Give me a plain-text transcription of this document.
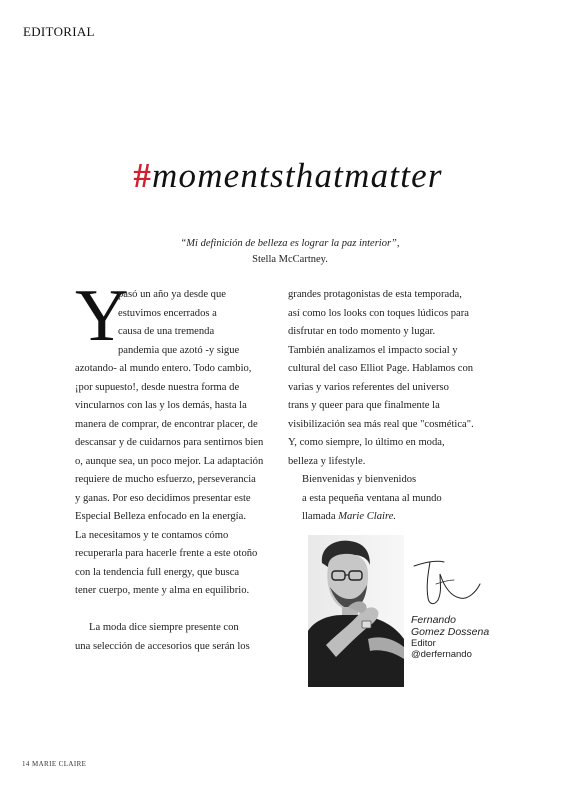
EDITORIAL
#momentsthatmatter
“Mi definición de belleza es lograr la paz interior”,
Stella McCartney.
Y
pasó un año ya desde que
estuvimos encerrados a
causa de una tremenda
pandemia que azotó -y sigue
azotando- al mundo entero. Todo cambio,
¡por supuesto!, desde nuestra forma de
vincularnos con las y los demás, hasta la
manera de comprar, de encontrar placer, de
descansar y de cuidarnos para sentirnos bien
o, aunque sea, un poco mejor. La adaptación
requiere de mucho esfuerzo, perseverancia
y ganas. Por eso decidimos presentar este
Especial Belleza enfocado en la energía.
La necesitamos y te contamos cómo
recuperarla para hacerle frente a este otoño
con la tendencia full energy, que busca
tener cuerpo, mente y alma en equilibrio.
La moda dice siempre presente con
una selección de accesorios que serán los
grandes protagonistas de esta temporada,
así como los looks con toques lúdicos para
disfrutar en todo momento y lugar.
También analizamos el impacto social y
cultural del caso Elliot Page. Hablamos con
varias y varios referentes del universo
trans y queer para que finalmente la
visibilización sea más real que "cosmética".
Y, como siempre, lo último en moda,
belleza y lifestyle.
Bienvenidas y bienvenidos
a esta pequeña ventana al mundo
llamada Marie Claire.
Fernando
Gomez Dossena
Editor
@derfernando
14 MARIE CLAIRE
